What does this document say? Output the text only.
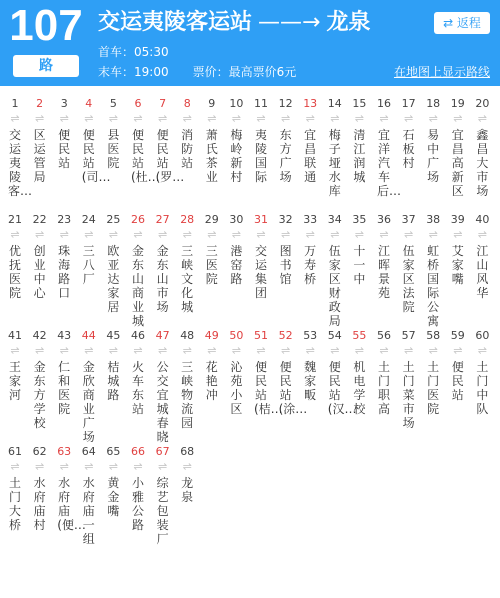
107
路
交运夷陵客运站 ——→ 龙泉
首车：05:30
末车：19:00 票价：最高票价6元
⇄ 返程
在地图上显示路线
1
⇌
交运夷陵客…
2
⇌
区运管局
3
⇌
便民站
4
⇌
便民站(司…
5
⇌
县医院
6
⇌
便民站(杜…
7
⇌
便民站(罗…
8
⇌
消防站
9
⇌
萧氏茶业
10
⇌
梅岭新村
11
⇌
夷陵国际
12
⇌
东方广场
13
⇌
宜昌联通
14
⇌
梅子垭水库
15
⇌
清江润城
16
⇌
宜洋汽车后…
17
⇌
石板村
18
⇌
易中广场
19
⇌
宜昌高新区
20
⇌
鑫昌大市场
21
⇌
优抚医院
22
⇌
创业中心
23
⇌
珠海路口
24
⇌
三八厂
25
⇌
欧亚达家居
26
⇌
金东山商业城
27
⇌
金东山市场
28
⇌
三峡文化城
29
⇌
三医院
30
⇌
港窑路
31
⇌
交运集团
32
⇌
图书馆
33
⇌
万寿桥
34
⇌
伍家区财政局
35
⇌
十一中
36
⇌
江晖景苑
37
⇌
伍家区法院
38
⇌
虹桥国际公寓
39
⇌
艾家嘴
40
⇌
江山风华
41
⇌
王家河
42
⇌
金东方学校
43
⇌
仁和医院
44
⇌
金欣商业广场
45
⇌
桔城路
46
⇌
火车东站
47
⇌
公交宜城春晓
48
⇌
三峡物流园
49
⇌
花艳冲
50
⇌
沁苑小区
51
⇌
便民站(桔…
52
⇌
便民站(涂…
53
⇌
魏家畈
54
⇌
便民站(汉…
55
⇌
机电学校
56
⇌
土门职高
57
⇌
土门菜市场
58
⇌
土门医院
59
⇌
便民站
60
⇌
土门中队
61
⇌
土门大桥
62
⇌
水府庙村
63
⇌
水府庙(便…
64
⇌
水府庙一组
65
⇌
黄金嘴
66
⇌
小雅公路
67
⇌
综艺包装厂
68
⇌
龙泉
